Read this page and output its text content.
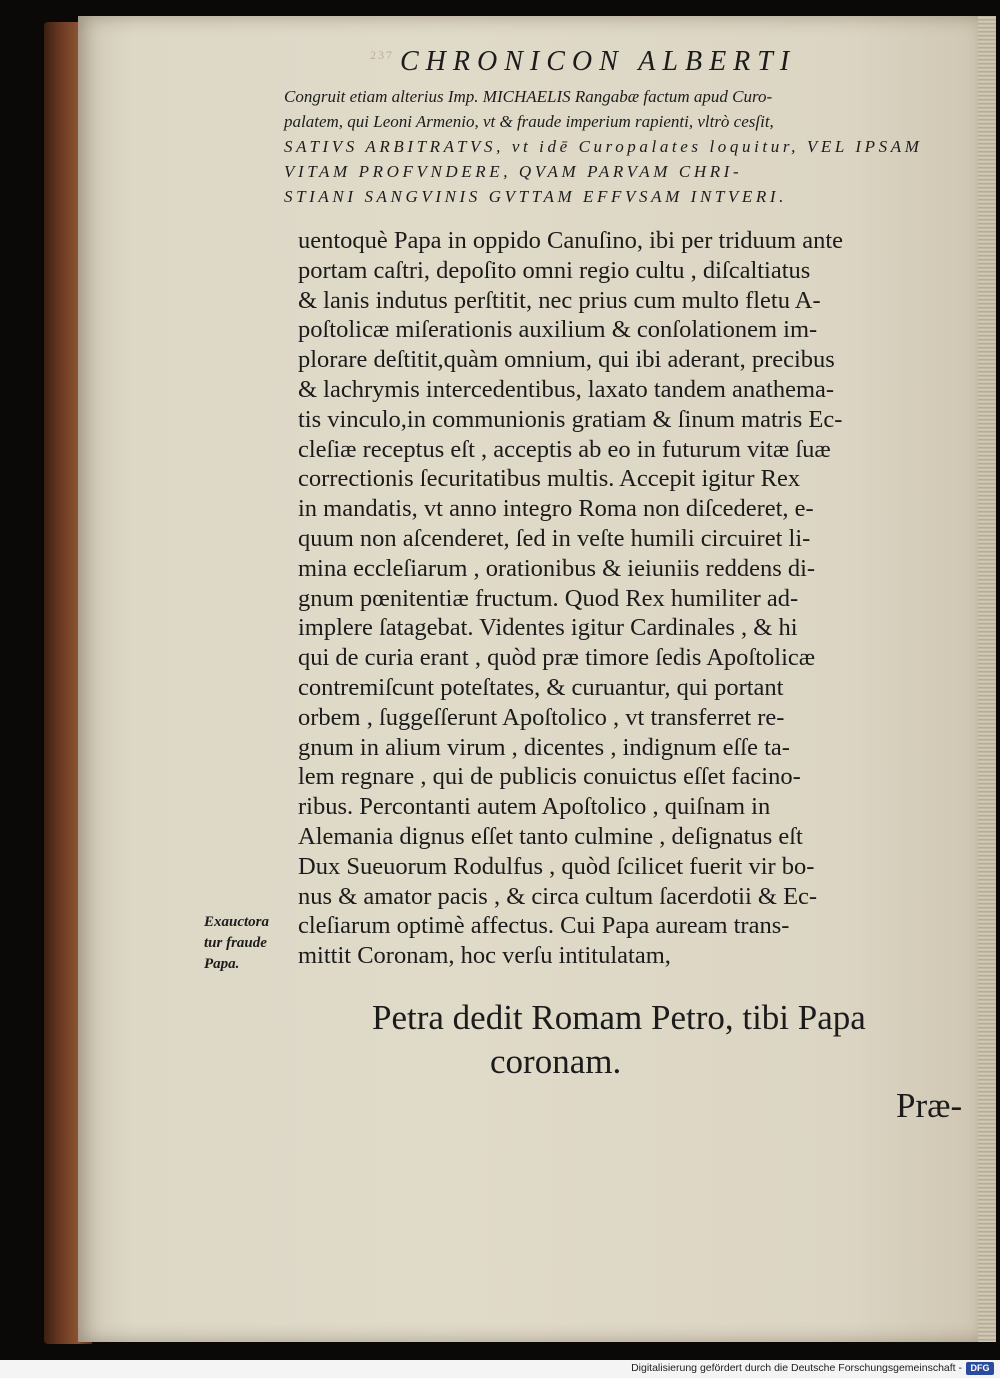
237 CHRONICON ALBERTI

Congruit etiam alterius Imp. MICHAELIS Rangabæ factum apud Curo-
palatem, qui Leoni Armenio, vt & fraude imperium rapienti, vltrò cesſit,
SATIVS ARBITRATVS, vt idē Curopalates loquitur, VEL IPSAM
VITAM PROFVNDERE, QVAM PARVAM CHRI-
STIANI SANGVINIS GVTTAM EFFVSAM INTVERI.

uentoquè Papa in oppido Canuſino, ibi per triduum ante
portam caſtri, depoſito omni regio cultu , diſcaltiatus
& lanis indutus perſtitit, nec prius cum multo fletu A-
poſtolicæ miſerationis auxilium & conſolationem im-
plorare deſtitit,quàm omnium, qui ibi aderant, precibus
& lachrymis intercedentibus, laxato tandem anathema-
tis vinculo,in communionis gratiam & ſinum matris Ec-
cleſiæ receptus eſt , acceptis ab eo in futurum vitæ ſuæ
correctionis ſecuritatibus multis. Accepit igitur Rex
in mandatis, vt anno integro Roma non diſcederet, e-
quum non aſcenderet, ſed in veſte humili circuiret li-
mina eccleſiarum , orationibus & ieiuniis reddens di-
gnum pœnitentiæ fructum. Quod Rex humiliter ad-
implere ſatagebat. Videntes igitur Cardinales , & hi
qui de curia erant , quòd præ timore ſedis Apoſtolicæ
contremiſcunt poteſtates, & curuantur, qui portant
orbem , ſuggeſſerunt Apoſtolico , vt transferret re-
gnum in alium virum , dicentes , indignum eſſe ta-
lem regnare , qui de publicis conuictus eſſet facino-
ribus. Percontanti autem Apoſtolico , quiſnam in
Alemania dignus eſſet tanto culmine , deſignatus eſt
Dux Sueuorum Rodulfus , quòd ſcilicet fuerit vir bo-
nus & amator pacis , & circa cultum ſacerdotii & Ec-
cleſiarum optimè affectus. Cui Papa auream trans-
mittit Coronam, hoc verſu intitulatam,

Exauctora
tur fraude
Papa.

Petra dedit Romam Petro, tibi Papa
coronam.

Præ-
Digitalisierung gefördert durch die Deutsche Forschungsgemeinschaft - DFG
